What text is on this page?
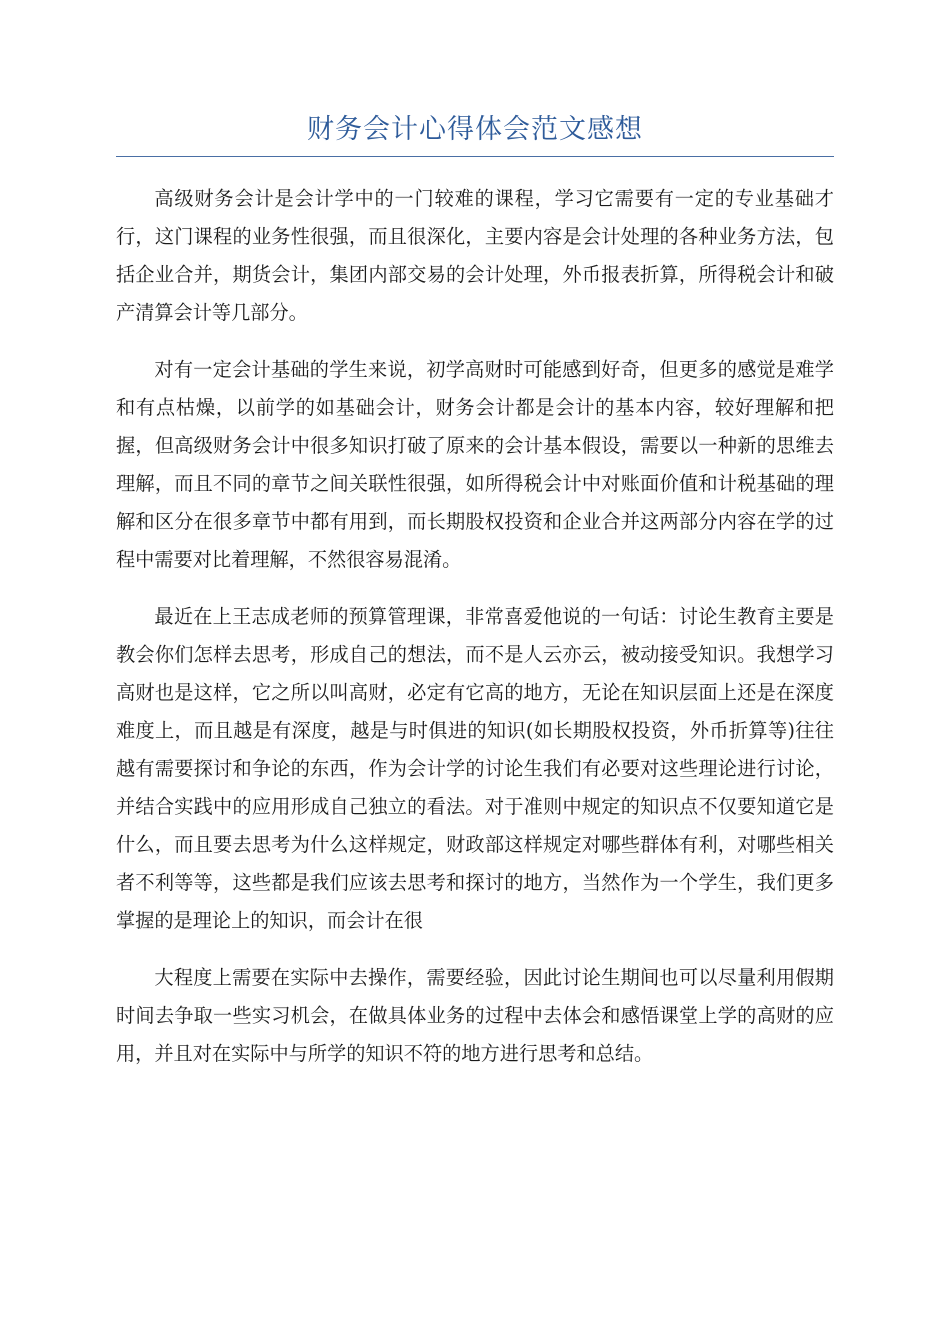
财务会计心得体会范文感想

高级财务会计是会计学中的一门较难的课程，学习它需要有一定的专业基础才行，这门课程的业务性很强，而且很深化，主要内容是会计处理的各种业务方法，包括企业合并，期货会计，集团内部交易的会计处理，外币报表折算，所得税会计和破产清算会计等几部分。

对有一定会计基础的学生来说，初学高财时可能感到好奇，但更多的感觉是难学和有点枯燥，以前学的如基础会计，财务会计都是会计的基本内容，较好理解和把握，但高级财务会计中很多知识打破了原来的会计基本假设，需要以一种新的思维去理解，而且不同的章节之间关联性很强，如所得税会计中对账面价值和计税基础的理解和区分在很多章节中都有用到，而长期股权投资和企业合并这两部分内容在学的过程中需要对比着理解，不然很容易混淆。

最近在上王志成老师的预算管理课，非常喜爱他说的一句话：讨论生教育主要是教会你们怎样去思考，形成自己的想法，而不是人云亦云，被动接受知识。我想学习高财也是这样，它之所以叫高财，必定有它高的地方，无论在知识层面上还是在深度难度上，而且越是有深度，越是与时俱进的知识(如长期股权投资，外币折算等)往往越有需要探讨和争论的东西，作为会计学的讨论生我们有必要对这些理论进行讨论，并结合实践中的应用形成自己独立的看法。对于准则中规定的知识点不仅要知道它是什么，而且要去思考为什么这样规定，财政部这样规定对哪些群体有利，对哪些相关者不利等等，这些都是我们应该去思考和探讨的地方，当然作为一个学生，我们更多掌握的是理论上的知识，而会计在很

大程度上需要在实际中去操作，需要经验，因此讨论生期间也可以尽量利用假期时间去争取一些实习机会，在做具体业务的过程中去体会和感悟课堂上学的高财的应用，并且对在实际中与所学的知识不符的地方进行思考和总结。
